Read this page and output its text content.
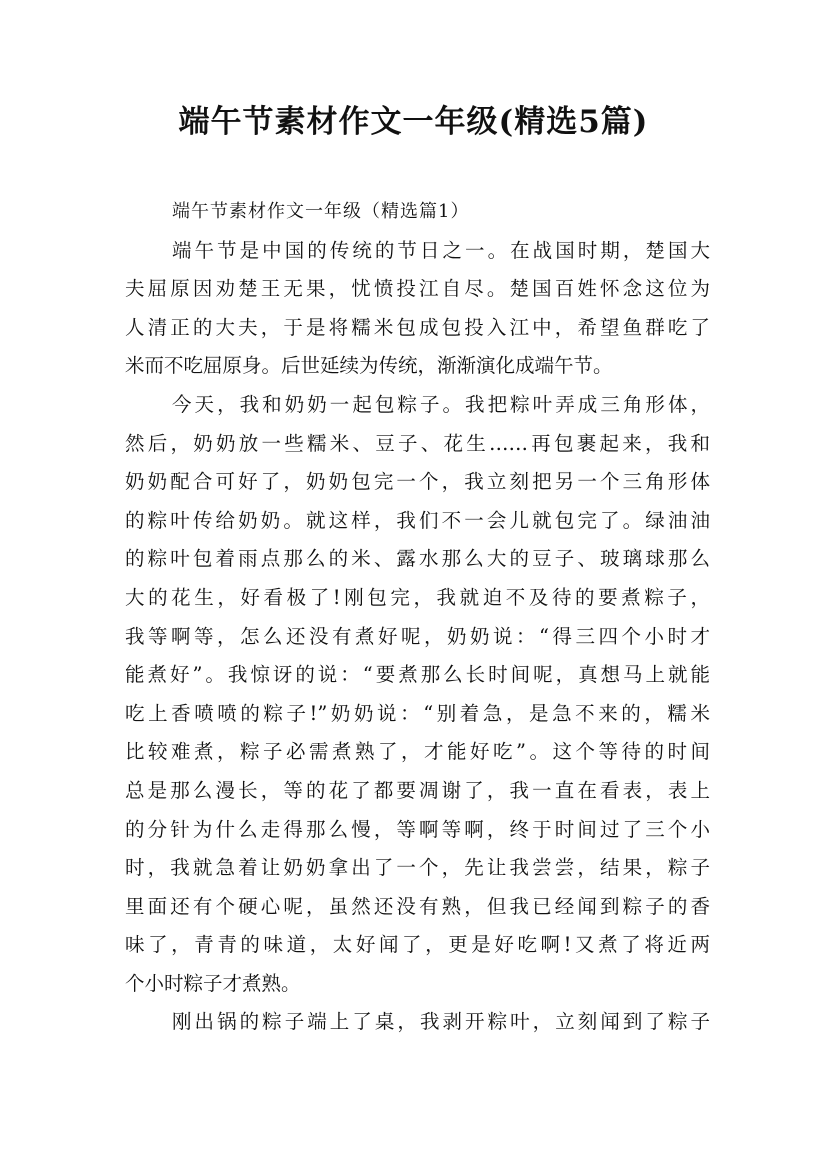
端午节素材作文一年级(精选5篇)
端午节素材作文一年级（精选篇1）
端午节是中国的传统的节日之一。在战国时期，楚国大
夫屈原因劝楚王无果，忧愤投江自尽。楚国百姓怀念这位为
人清正的大夫，于是将糯米包成包投入江中，希望鱼群吃了
米而不吃屈原身。后世延续为传统，渐渐演化成端午节。
今天，我和奶奶一起包粽子。我把粽叶弄成三角形体，
然后，奶奶放一些糯米、豆子、花生……再包裹起来，我和
奶奶配合可好了，奶奶包完一个，我立刻把另一个三角形体
的粽叶传给奶奶。就这样，我们不一会儿就包完了。绿油油
的粽叶包着雨点那么的米、露水那么大的豆子、玻璃球那么
大的花生，好看极了!刚包完，我就迫不及待的要煮粽子，
我等啊等，怎么还没有煮好呢，奶奶说：“得三四个小时才
能煮好”。我惊讶的说：“要煮那么长时间呢，真想马上就能
吃上香喷喷的粽子!”奶奶说：“别着急，是急不来的，糯米
比较难煮，粽子必需煮熟了，才能好吃”。这个等待的时间
总是那么漫长，等的花了都要凋谢了，我一直在看表，表上
的分针为什么走得那么慢，等啊等啊，终于时间过了三个小
时，我就急着让奶奶拿出了一个，先让我尝尝，结果，粽子
里面还有个硬心呢，虽然还没有熟，但我已经闻到粽子的香
味了，青青的味道，太好闻了，更是好吃啊!又煮了将近两
个小时粽子才煮熟。
刚出锅的粽子端上了桌，我剥开粽叶，立刻闻到了粽子
